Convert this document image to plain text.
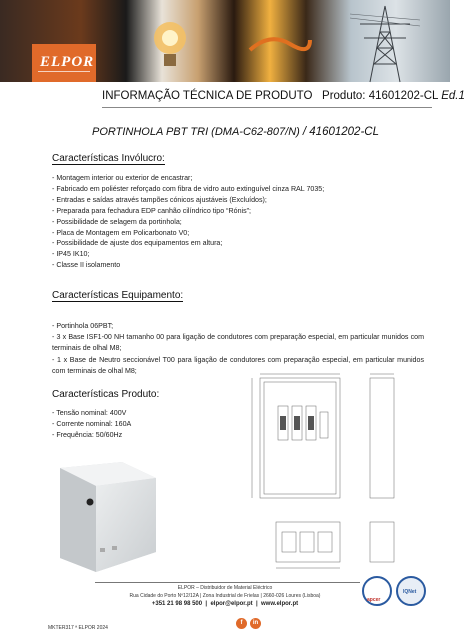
ELPOR
INFORMAÇÃO TÉCNICA DE PRODUTO Produto: 41601202-CL Ed.1
PORTINHOLA PBT TRI (DMA-C62-807/N) / 41601202-CL
Características Invólucro:

- Montagem interior ou exterior de encastrar;

- Fabricado em poliéster reforçado com fibra de vidro auto extinguível cinza RAL 7035;

- Entradas e saídas através tampões cónicos ajustáveis (Excluídos);

- Preparada para fechadura EDP canhão cilíndrico tipo “Rónis”;

- Possibilidade de selagem da portinhola;

- Placa de Montagem em Policarbonato V0;

- Possibilidade de ajuste dos equipamentos em altura;

- IP45 IK10;

- Classe II isolamento

Características Equipamento:
- Portinhola 06PBT;
- 3 x Base ISF1-00 NH tamanho 00 para ligação de condutores com preparação especial, em particular munidos com terminais de olhal M8;
- 1 x Base de Neutro seccionável T00 para ligação de condutores com preparação especial, em particular munidos com terminais de olhal M8;
Características Produto:

- Tensão nominal: 400V

- Corrente nominal: 160A

- Frequência: 50/60Hz

ELPOR – Distribuidor de Material Eléctrico
Rua Cidade do Porto Nº12/12A | Zona Industrial de Frielas | 2660-026 Loures (Lisboa)
+351 21 98 98 500  |  elpor@elpor.pt  |  www.elpor.pt
apcer
IQNet
f	in
MKTER317 ª ELPOR 2024
